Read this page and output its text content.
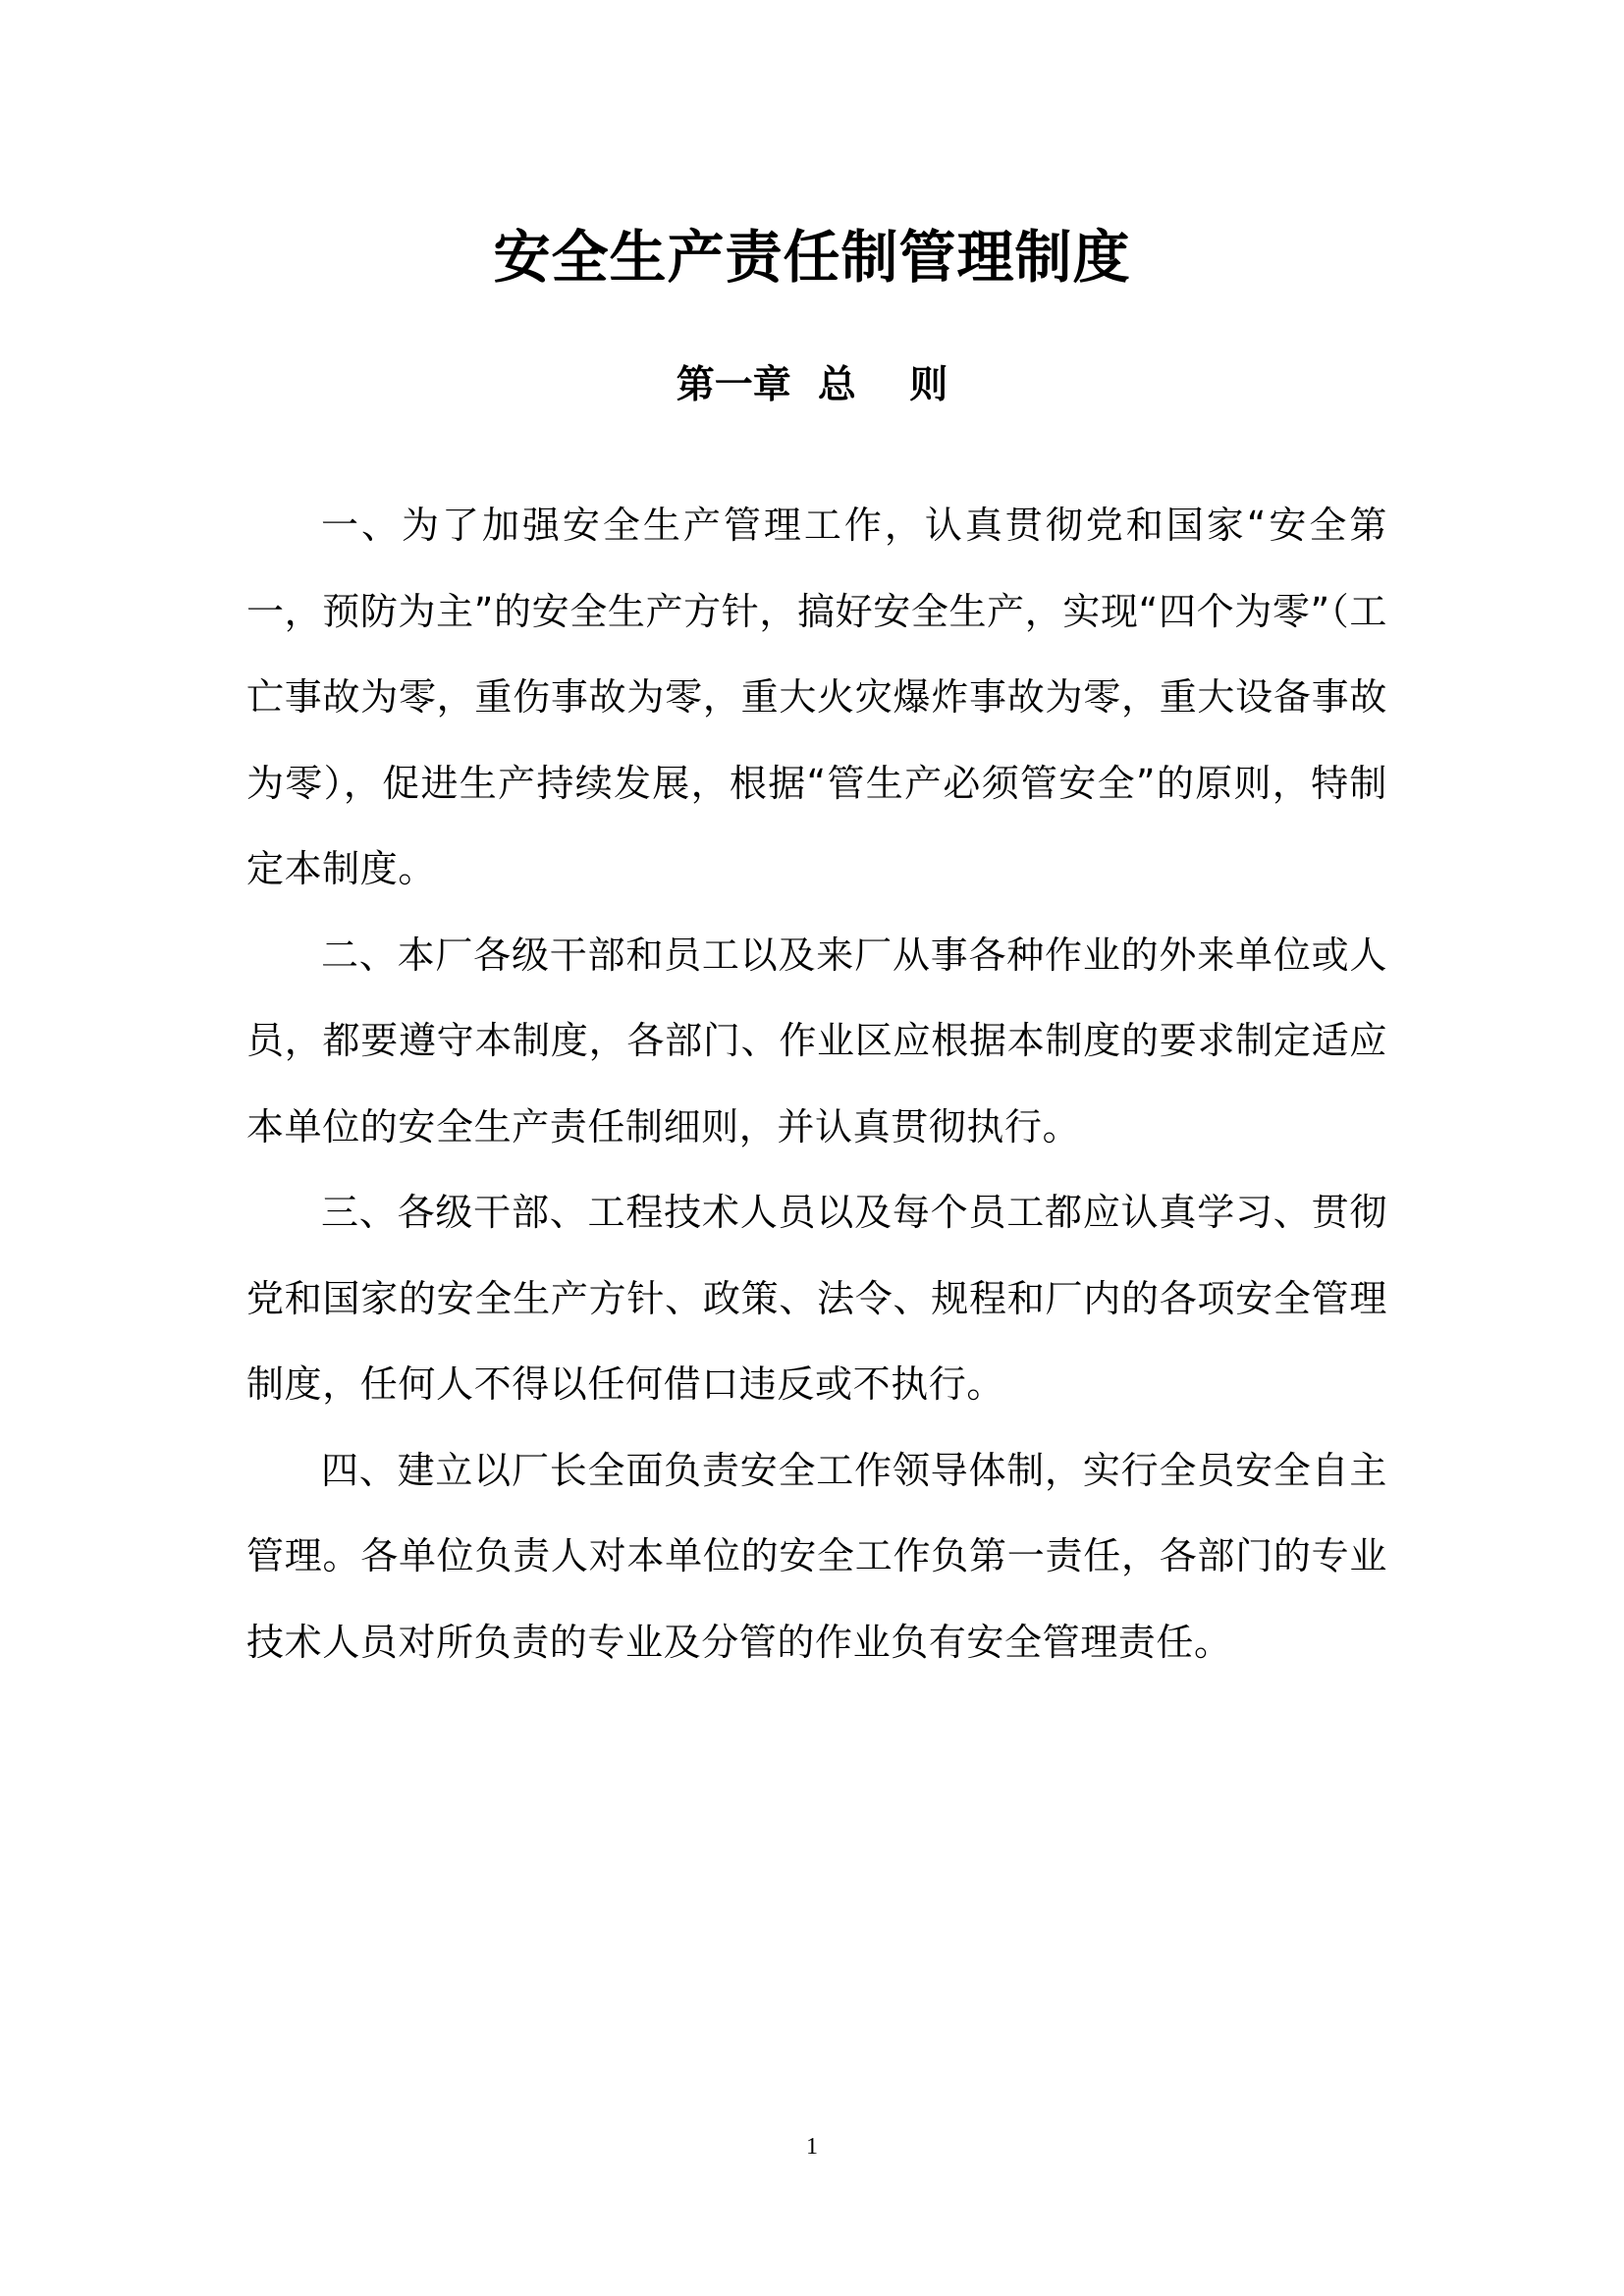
安全生产责任制管理制度
第一章  总    则

一、为了加强安全生产管理工作，认真贯彻党和国家“安全第一，预防为主”的安全生产方针，搞好安全生产，实现“四个为零”（工亡事故为零，重伤事故为零，重大火灾爆炸事故为零，重大设备事故为零），促进生产持续发展，根据“管生产必须管安全”的原则，特制定本制度。

二、本厂各级干部和员工以及来厂从事各种作业的外来单位或人员，都要遵守本制度，各部门、作业区应根据本制度的要求制定适应本单位的安全生产责任制细则，并认真贯彻执行。

三、各级干部、工程技术人员以及每个员工都应认真学习、贯彻党和国家的安全生产方针、政策、法令、规程和厂内的各项安全管理制度，任何人不得以任何借口违反或不执行。

四、建立以厂长全面负责安全工作领导体制，实行全员安全自主管理。各单位负责人对本单位的安全工作负第一责任，各部门的专业技术人员对所负责的专业及分管的作业负有安全管理责任。

1
